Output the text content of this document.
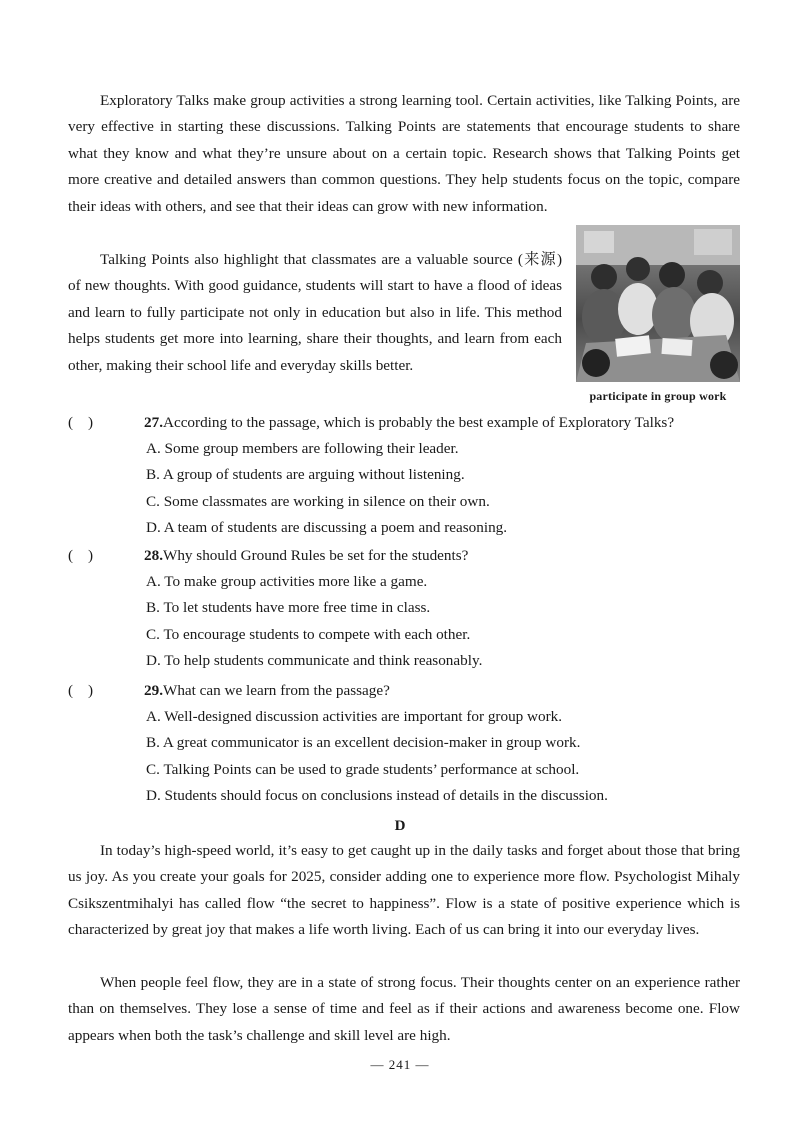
Exploratory Talks make group activities a strong learning tool. Certain activities, like Talking Points, are very effective in starting these discussions. Talking Points are statements that encourage students to share what they know and what they’re unsure about on a certain topic. Research shows that Talking Points get more creative and detailed answers than common questions. They help students focus on the topic, compare their ideas with others, and see that their ideas can grow with new information.

Talking Points also highlight that classmates are a valuable source (来源) of new thoughts. With good guidance, students will start to have a flood of ideas and learn to fully participate not only in education but also in life. This method helps students get more into learning, share their thoughts, and learn from each other, making their school life and everyday skills better.

participate in group work
( )	27.According to the passage, which is probably the best example of Exploratory Talks?
A. Some group members are following their leader.
B. A group of students are arguing without listening.
C. Some classmates are working in silence on their own.
D. A team of students are discussing a poem and reasoning.
( )	28.Why should Ground Rules be set for the students?
A. To make group activities more like a game.
B. To let students have more free time in class.
C. To encourage students to compete with each other.
D. To help students communicate and think reasonably.
( )	29.What can we learn from the passage?
A. Well-designed discussion activities are important for group work.
B. A great communicator is an excellent decision-maker in group work.
C. Talking Points can be used to grade students’ performance at school.
D. Students should focus on conclusions instead of details in the discussion.
D

In today’s high-speed world, it’s easy to get caught up in the daily tasks and forget about those that bring us joy. As you create your goals for 2025, consider adding one to experience more flow. Psychologist Mihaly Csikszentmihalyi has called flow “the secret to happiness”. Flow is a state of positive experience which is characterized by great joy that makes a life worth living. Each of us can bring it into our everyday lives.

When people feel flow, they are in a state of strong focus. Their thoughts center on an experience rather than on themselves. They lose a sense of time and feel as if their actions and awareness become one. Flow appears when both the task’s challenge and skill level are high.

— 241 —
